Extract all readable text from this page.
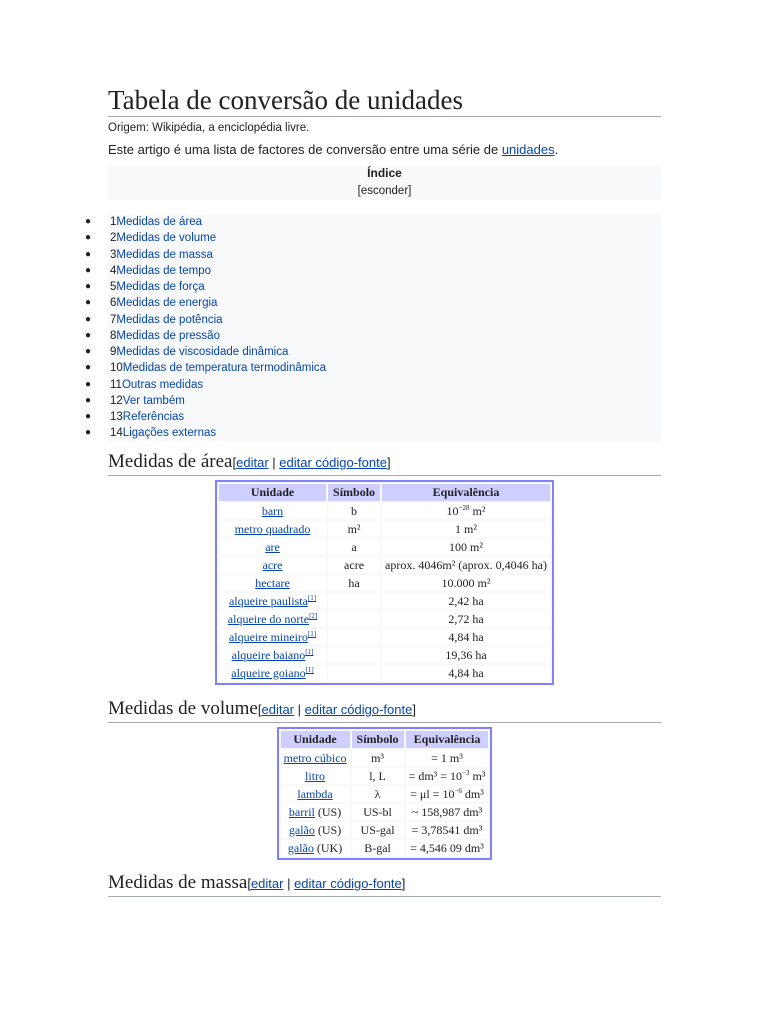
Tabela de conversão de unidades
Origem: Wikipédia, a enciclopédia livre.
Este artigo é uma lista de factores de conversão entre uma série de unidades.
Índice
[esconder]
● 1Medidas de área
● 2Medidas de volume
● 3Medidas de massa
● 4Medidas de tempo
● 5Medidas de força
● 6Medidas de energia
● 7Medidas de potência
● 8Medidas de pressão
● 9Medidas de viscosidade dinâmica
● 10Medidas de temperatura termodinâmica
● 11Outras medidas
● 12Ver também
● 13Referências
● 14Ligações externas
Medidas de área[editar | editar código-fonte]
Unidade	Símbolo	Equivalência
barn	b	$10^{-28}$ m²
metro quadrado	m²	1 m²
are	a	100 m²
acre	acre	aprox. 4046m² (aprox. 0,4046 ha)
hectare	ha	10.000 m²
alqueire paulista[1]		2,42 ha
alqueire do norte[2]		2,72 ha
alqueire mineiro[1]		4,84 ha
alqueire baiano[1]		19,36 ha
alqueire goiano[1]		4,84 ha
Medidas de volume[editar | editar código-fonte]
Unidade	Símbolo	Equivalência
metro cúbico	m³	= 1 m³
litro	l, L	= $dm^3 = 10^{-3}$ m³
lambda	λ	= $\mu l = 10^{-6}$ dm³
barril (US)	US-bl	~ 158,987 dm³
galão (US)	US-gal	= 3,78541 dm³
galão (UK)	B-gal	= 4,546 09 dm³
Medidas de massa[editar | editar código-fonte]
